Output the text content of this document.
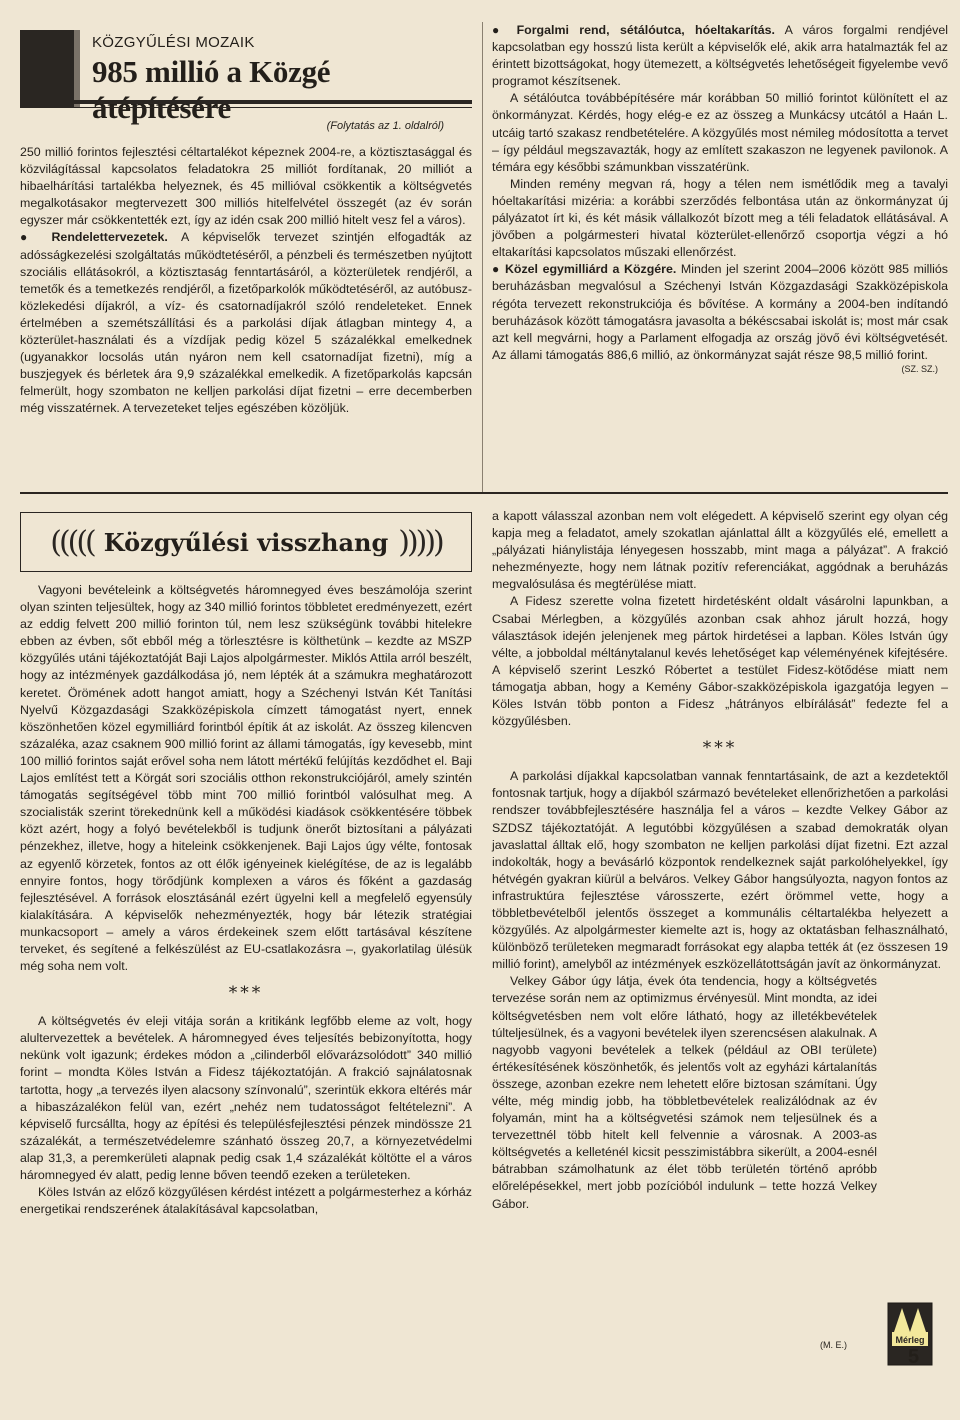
KÖZGYŰLÉSI MOZAIK
985 millió a Közgé

(Folytatás az 1. oldalról)

250 millió forintos fejlesztési céltartalékot képeznek 2004-re, a köztisztasággal és közvilágítással kapcsolatos feladatokra 25 milliót fordítanak, 20 milliót a hibaelhárítási tartalékba helyeznek, és 45 millióval csökkentik a költségvetés megalkotásakor megtervezett 300 milliós hitelfelvétel összegét (az év során egyszer már csökkentették ezt, így az idén csak 200 millió hitelt vesz fel a város).

● Rendelettervezetek. A képviselők tervezet szintjén elfogadták az adósságkezelési szolgáltatás működtetéséről, a pénzbeli és természetben nyújtott szociális ellátásokról, a köztisztaság fenntartásáról, a közterületek rendjéről, a temetők és a temetkezés rendjéről, a fizetőparkolók működtetéséről, az autóbusz-közlekedési díjakról, a víz- és csatornadíjakról szóló rendeleteket. Ennek értelmében a szemétszállítási és a parkolási díjak átlagban mintegy 4, a közterület-használati és a vízdíjak pedig közel 5 százalékkal emelkednek (ugyanakkor locsolás után nyáron nem kell csatornadíjat fizetni), míg a buszjegyek és bérletek ára 9,9 százalékkal emelkedik. A fizetőparkolás kapcsán felmerült, hogy szombaton ne kelljen parkolási díjat fizetni – erre decemberben még visszatérnek. A tervezeteket teljes egészében közöljük.

● Forgalmi rend, sétálóutca, hóeltakarítás. A város forgalmi rendjével kapcsolatban egy hosszú lista került a képviselők elé, akik arra hatalmazták fel az érintett bizottságokat, hogy ütemezett, a költségvetés lehetőségeit figyelembe vevő programot készítsenek.

A sétálóutca továbbépítésére már korábban 50 millió forintot különített el az önkormányzat. Kérdés, hogy elég-e ez az összeg a Munkácsy utcától a Haán L. utcáig tartó szakasz rendbetételére. A közgyűlés most némileg módosította a tervet – így például megszavazták, hogy az említett szakaszon ne legyenek pavilonok. A témára egy későbbi számunkban visszatérünk.

Minden remény megvan rá, hogy a télen nem ismétlődik meg a tavalyi hóeltakarítási mizéria: a korábbi szerződés felbontása után az önkormányzat új pályázatot írt ki, és két másik vállalkozót bízott meg a téli feladatok ellátásával. A jövőben a polgármesteri hivatal közterület-ellenőrző csoportja végzi a hó eltakarítási kapcsolatos műszaki ellenőrzést.

● Közel egymilliárd a Közgére. Minden jel szerint 2004–2006 között 985 milliós beruházásban megvalósul a Széchenyi István Közgazdasági Szakközépiskola régóta tervezett rekonstrukciója és bővítése. A kormány a 2004-ben indítandó beruházások között támogatásra javasolta a békéscsabai iskolát is; most már csak azt kell megvárni, hogy a Parlament elfogadja az ország jövő évi költségvetését. Az állami támogatás 886,6 millió, az önkormányzat saját része 98,5 millió forint.

(SZ. SZ.)

((((( Közgyűlési visszhang )))))

Vagyoni bevételeink a költségvetés háromnegyed éves beszámolója szerint olyan szinten teljesültek, hogy az 340 millió forintos többletet eredményezett, ezért az eddig felvett 200 millió forinton túl, nem lesz szükségünk további hitelekre ebben az évben, sőt ebből még a törlesztésre is költhetünk – kezdte az MSZP közgyűlés utáni tájékoztatóját Baji Lajos alpolgármester. Miklós Attila arról beszélt, hogy az intézmények gazdálkodása jó, nem lépték át a számukra meghatározott keretet. Örömének adott hangot amiatt, hogy a Széchenyi István Két Tanítási Nyelvű Közgazdasági Szakközépiskola címzett támogatást nyert, ennek köszönhetően közel egymilliárd forintból építik át az iskolát. Az összeg kilencven százaléka, azaz csaknem 900 millió forint az állami támogatás, így kevesebb, mint 100 millió forintos saját erővel soha nem látott mértékű felújítás kezdődhet el. Baji Lajos említést tett a Körgát sori szociális otthon rekonstrukciójáról, amely szintén támogatás segítségével több mint 700 millió forintból valósulhat meg. A szocialisták szerint törekednünk kell a működési kiadások csökkentésére többek közt azért, hogy a folyó bevételekből is tudjunk önerőt biztosítani a pályázati pénzekhez, illetve, hogy a hiteleink csökkenjenek. Baji Lajos úgy vélte, fontosak az egyenlő körzetek, fontos az ott élők igényeinek kielégítése, de az is legalább ennyire fontos, hogy törődjünk komplexen a város és főként a gazdaság fejlesztésével. A források elosztásánál ezért ügyelni kell a megfelelő egyensúly kialakítására. A képviselők nehezményezték, hogy bár létezik stratégiai munkacsoport – amely a város érdekeinek szem előtt tartásával készítene terveket, és segítené a felkészülést az EU-csatlakozásra –, gyakorlatilag ülésük még soha nem volt.

***

A költségvetés év eleji vitája során a kritikánk legfőbb eleme az volt, hogy alultervezettek a bevételek. A háromnegyed éves teljesítés bebizonyította, hogy nekünk volt igazunk; érdekes módon a „cilinderből elővarázsolódott” 340 millió forint – mondta Köles István a Fidesz tájékoztatóján. A frakció sajnálatosnak tartotta, hogy „a tervezés ilyen alacsony színvonalú”, szerintük ekkora eltérés már a hibaszázalékon felül van, ezért „nehéz nem tudatosságot feltételezni”. A képviselő furcsállta, hogy az építési és településfejlesztési pénzek mindössze 21 százalékát, a természetvédelemre szánható összeg 20,7, a környezetvédelmi alap 31,3, a peremkerületi alapnak pedig csak 1,4 százalékát költötte el a város háromnegyed év alatt, pedig lenne bőven teendő ezeken a területeken.

Köles István az előző közgyűlésen kérdést intézett a polgármesterhez a kórház energetikai rendszerének átalakításával kapcsolatban,

a kapott válasszal azonban nem volt elégedett. A képviselő szerint egy olyan cég kapja meg a feladatot, amely szokatlan ajánlattal állt a közgyűlés elé, emellett a „pályázati hiánylistája lényegesen hosszabb, mint maga a pályázat”. A frakció nehezményezte, hogy nem látnak pozitív referenciákat, aggódnak a beruházás megvalósulása és megtérülése miatt.

A Fidesz szerette volna fizetett hirdetésként oldalt vásárolni lapunkban, a Csabai Mérlegben, a közgyűlés azonban csak ahhoz járult hozzá, hogy választások idején jelenjenek meg pártok hirdetései a lapban. Köles István úgy vélte, a jobboldal méltánytalanul kevés lehetőséget kap véleményének kifejtésére. A képviselő szerint Leszkó Róbertet a testület Fidesz-kötődése miatt nem támogatja abban, hogy a Kemény Gábor-szakközépiskola igazgatója legyen – Köles István több ponton a Fidesz „hátrányos elbírálását” fedezte fel a közgyűlésben.

***

A parkolási díjakkal kapcsolatban vannak fenntartásaink, de azt a kezdetektől fontosnak tartjuk, hogy a díjakból származó bevételeket ellenőrizhetően a parkolási rendszer továbbfejlesztésére használja fel a város – kezdte Velkey Gábor az SZDSZ tájékoztatóját. A legutóbbi közgyűlésen a szabad demokraták olyan javaslattal álltak elő, hogy szombaton ne kelljen parkolási díjat fizetni. Ezt azzal indokolták, hogy a bevásárló központok rendelkeznek saját parkolóhelyekkel, így hétvégén gyakran kiürül a belváros. Velkey Gábor hangsúlyozta, nagyon fontos az infrastruktúra fejlesztése városszerte, ezért örömmel vette, hogy a többletbevételből jelentős összeget a kommunális céltartalékba helyezett a közgyűlés. Az alpolgármester kiemelte azt is, hogy az oktatásban felhasználható, különböző területeken megmaradt forrásokat egy alapba tették át (ez összesen 19 millió forint), amelyből az intézmények eszközellátottságán javít az önkormányzat.

Velkey Gábor úgy látja, évek óta tendencia, hogy a költségvetés tervezése során nem az optimizmus érvényesül. Mint mondta, az idei költségvetésben nem volt előre látható, hogy az illetékbevételek túlteljesülnek, és a vagyoni bevételek ilyen szerencsésen alakulnak. A nagyobb vagyoni bevételek a telkek (például az OBI területe) értékesítésének köszönhetők, és jelentős volt az egyházi kártalanítás összege, azonban ezekre nem lehetett előre biztosan számítani. Úgy vélte, még mindig jobb, ha többletbevételek realizálódnak az év folyamán, mint ha a költségvetési számok nem teljesülnek és a tervezettnél több hitelt kell felvennie a városnak. A 2003-as költségvetés a kelleténél kicsit pesszimistábbra sikerült, a 2004-esnél bátrabban számolhatunk az élet több területén történő apróbb előrelépésekkel, mert jobb pozícióból indulunk – tette hozzá Velkey Gábor.

(M. E.)	Mérleg
5
